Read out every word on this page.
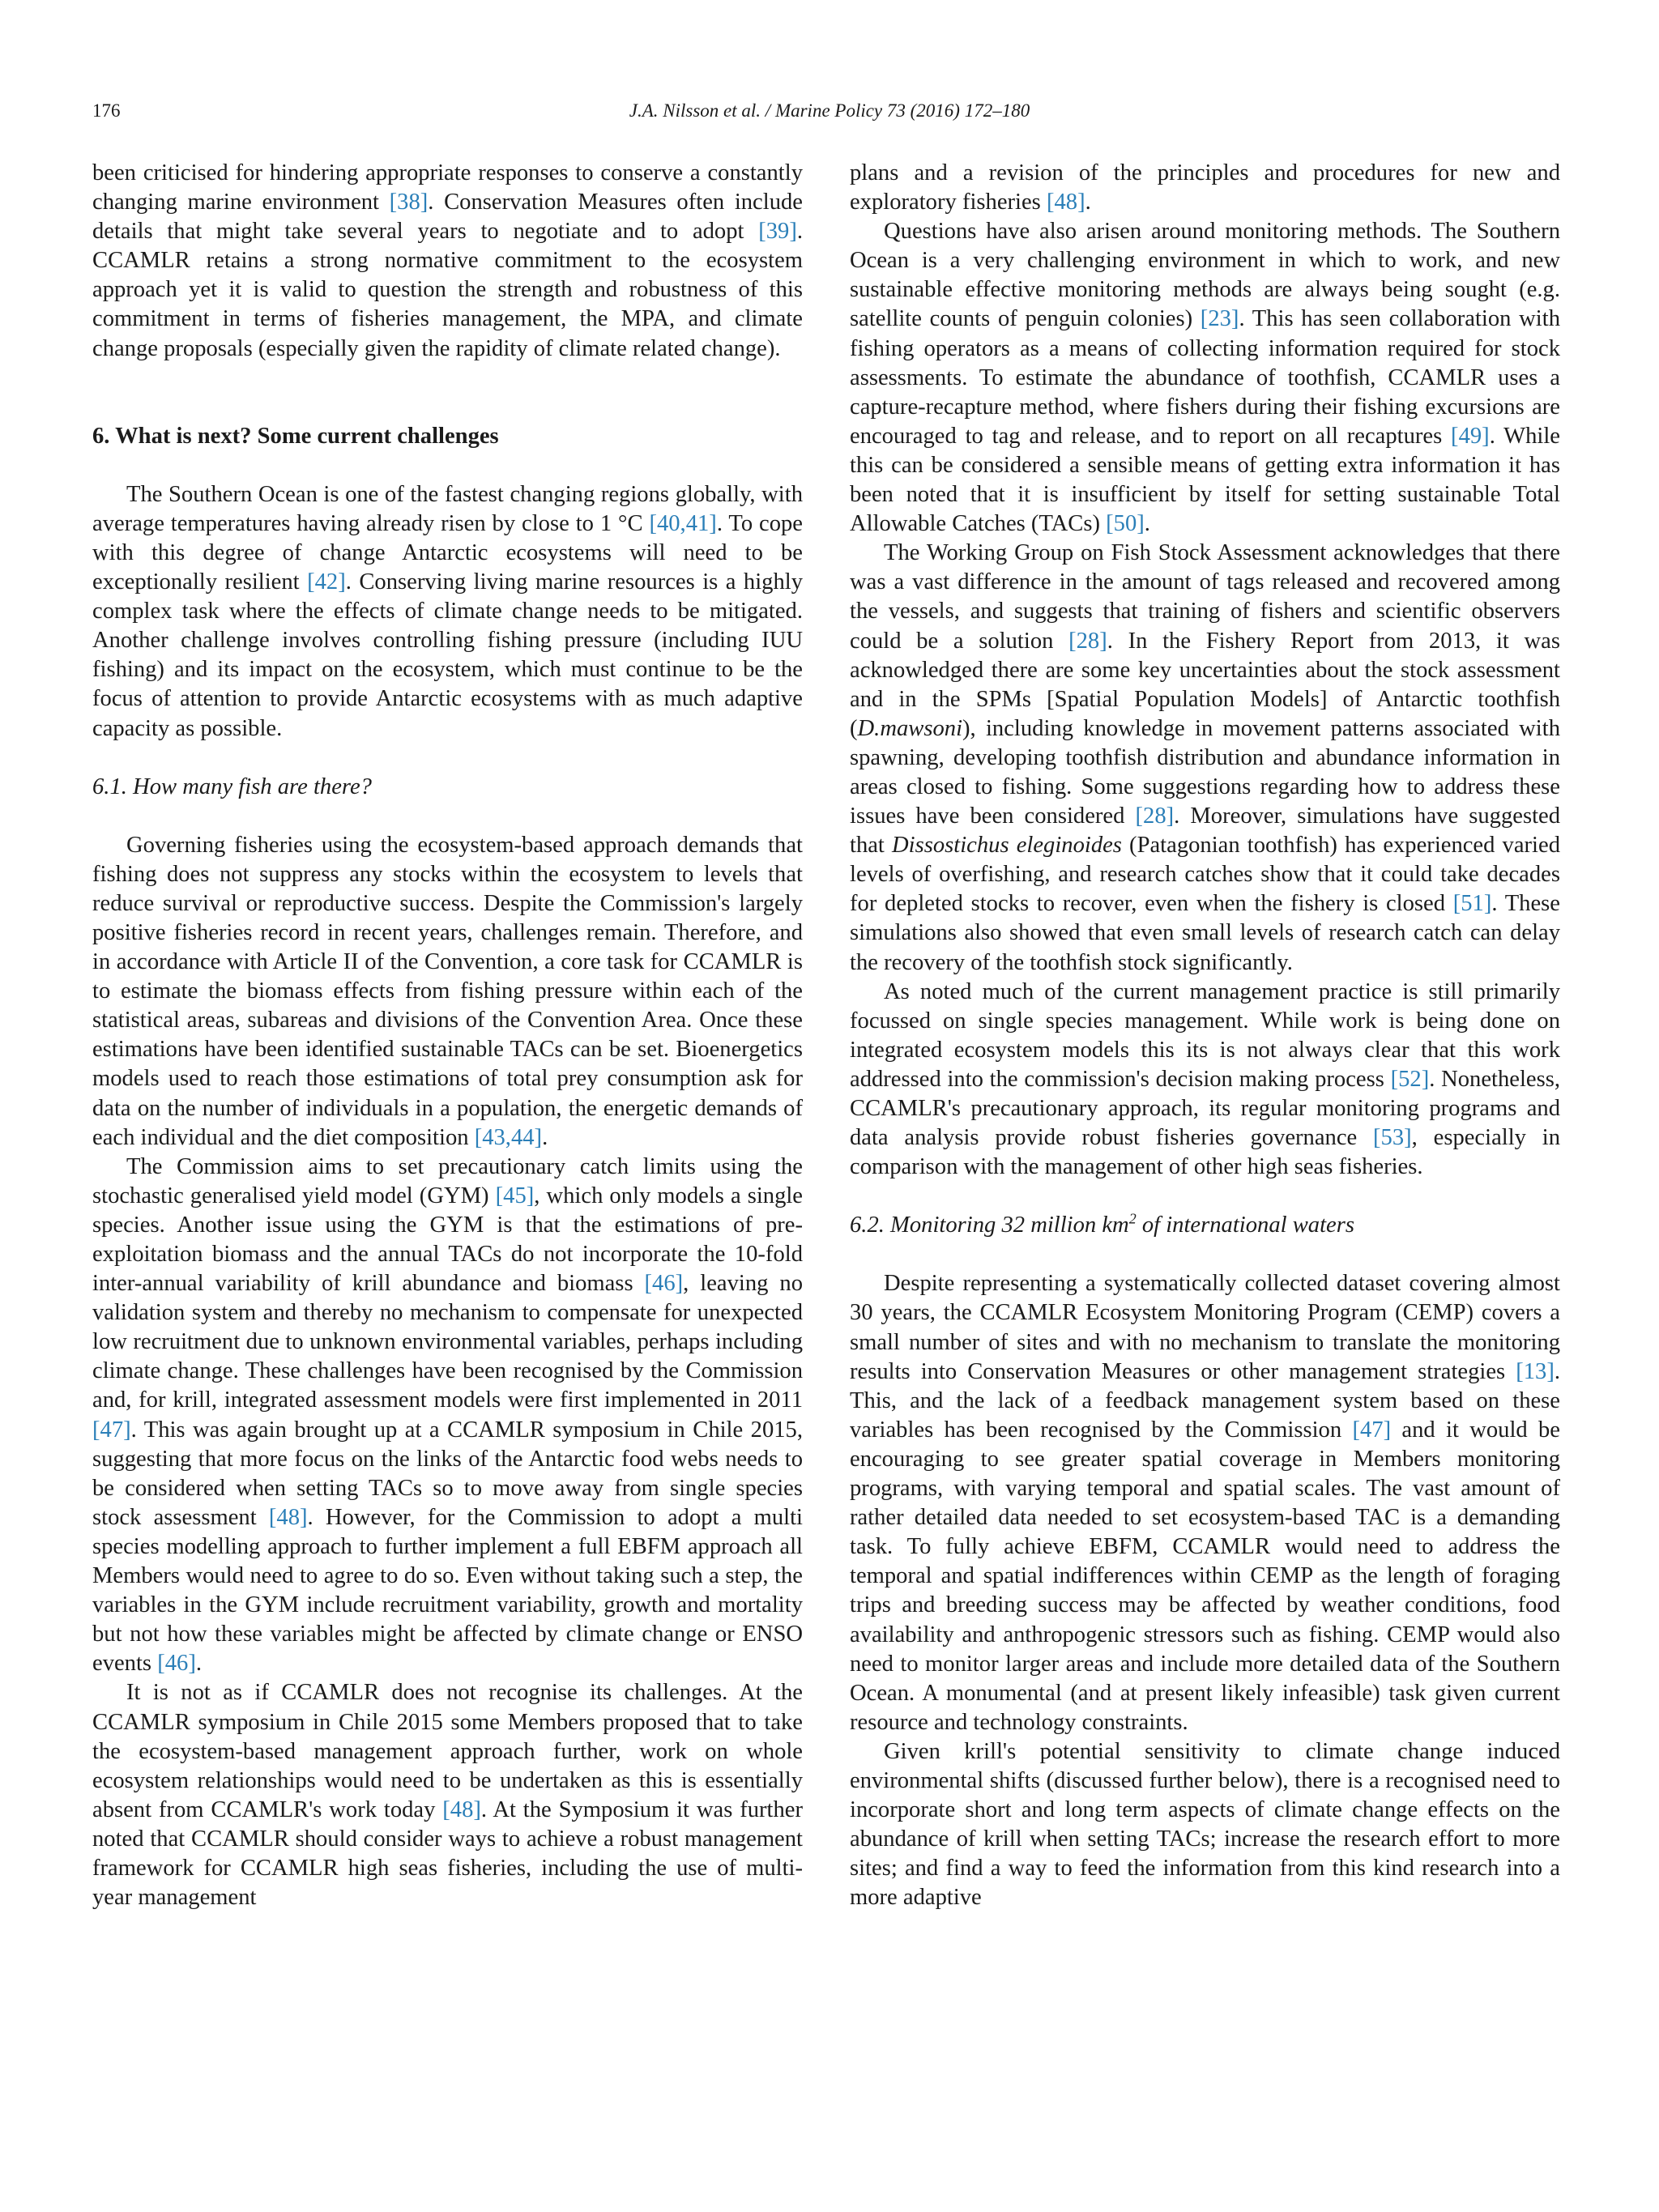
176	J.A. Nilsson et al. / Marine Policy 73 (2016) 172–180

been criticised for hindering appropriate responses to conserve a constantly changing marine environment [38]. Conservation Measures often include details that might take several years to negotiate and to adopt [39]. CCAMLR retains a strong normative commitment to the ecosystem approach yet it is valid to question the strength and robustness of this commitment in terms of fisheries management, the MPA, and climate change proposals (especially given the rapidity of climate related change).

6. What is next? Some current challenges

The Southern Ocean is one of the fastest changing regions globally, with average temperatures having already risen by close to 1 °C [40,41]. To cope with this degree of change Antarctic ecosystems will need to be exceptionally resilient [42]. Conserving living marine resources is a highly complex task where the effects of climate change needs to be mitigated. Another challenge involves controlling fishing pressure (including IUU fishing) and its impact on the ecosystem, which must continue to be the focus of attention to provide Antarctic ecosystems with as much adaptive capacity as possible.

6.1. How many fish are there?

Governing fisheries using the ecosystem-based approach demands that fishing does not suppress any stocks within the ecosystem to levels that reduce survival or reproductive success. Despite the Commission's largely positive fisheries record in recent years, challenges remain. Therefore, and in accordance with Article II of the Convention, a core task for CCAMLR is to estimate the biomass effects from fishing pressure within each of the statistical areas, subareas and divisions of the Convention Area. Once these estimations have been identified sustainable TACs can be set. Bioenergetics models used to reach those estimations of total prey consumption ask for data on the number of individuals in a population, the energetic demands of each individual and the diet composition [43,44].

The Commission aims to set precautionary catch limits using the stochastic generalised yield model (GYM) [45], which only models a single species. Another issue using the GYM is that the estimations of pre-exploitation biomass and the annual TACs do not incorporate the 10-fold inter-annual variability of krill abundance and biomass [46], leaving no validation system and thereby no mechanism to compensate for unexpected low recruitment due to unknown environmental variables, perhaps including climate change. These challenges have been recognised by the Commission and, for krill, integrated assessment models were first implemented in 2011 [47]. This was again brought up at a CCAMLR symposium in Chile 2015, suggesting that more focus on the links of the Antarctic food webs needs to be considered when setting TACs so to move away from single species stock assessment [48]. However, for the Commission to adopt a multi species modelling approach to further implement a full EBFM approach all Members would need to agree to do so. Even without taking such a step, the variables in the GYM include recruitment variability, growth and mortality but not how these variables might be affected by climate change or ENSO events [46].

It is not as if CCAMLR does not recognise its challenges. At the CCAMLR symposium in Chile 2015 some Members proposed that to take the ecosystem-based management approach further, work on whole ecosystem relationships would need to be undertaken as this is essentially absent from CCAMLR's work today [48]. At the Symposium it was further noted that CCAMLR should consider ways to achieve a robust management framework for CCAMLR high seas fisheries, including the use of multi-year management

plans and a revision of the principles and procedures for new and exploratory fisheries [48].

Questions have also arisen around monitoring methods. The Southern Ocean is a very challenging environment in which to work, and new sustainable effective monitoring methods are always being sought (e.g. satellite counts of penguin colonies) [23]. This has seen collaboration with fishing operators as a means of collecting information required for stock assessments. To estimate the abundance of toothfish, CCAMLR uses a capture-recapture method, where fishers during their fishing excursions are encouraged to tag and release, and to report on all recaptures [49]. While this can be considered a sensible means of getting extra information it has been noted that it is insufficient by itself for setting sustainable Total Allowable Catches (TACs) [50].

The Working Group on Fish Stock Assessment acknowledges that there was a vast difference in the amount of tags released and recovered among the vessels, and suggests that training of fishers and scientific observers could be a solution [28]. In the Fishery Report from 2013, it was acknowledged there are some key uncertainties about the stock assessment and in the SPMs [Spatial Population Models] of Antarctic toothfish (D.mawsoni), including knowledge in movement patterns associated with spawning, developing toothfish distribution and abundance information in areas closed to fishing. Some suggestions regarding how to address these issues have been considered [28]. Moreover, simulations have suggested that Dissostichus eleginoides (Patagonian toothfish) has experienced varied levels of overfishing, and research catches show that it could take decades for depleted stocks to recover, even when the fishery is closed [51]. These simulations also showed that even small levels of research catch can delay the recovery of the toothfish stock significantly.

As noted much of the current management practice is still primarily focussed on single species management. While work is being done on integrated ecosystem models this its is not always clear that this work addressed into the commission's decision making process [52]. Nonetheless, CCAMLR's precautionary approach, its regular monitoring programs and data analysis provide robust fisheries governance [53], especially in comparison with the management of other high seas fisheries.

6.2. Monitoring 32 million $km^2$ of international waters

Despite representing a systematically collected dataset covering almost 30 years, the CCAMLR Ecosystem Monitoring Program (CEMP) covers a small number of sites and with no mechanism to translate the monitoring results into Conservation Measures or other management strategies [13]. This, and the lack of a feedback management system based on these variables has been recognised by the Commission [47] and it would be encouraging to see greater spatial coverage in Members monitoring programs, with varying temporal and spatial scales. The vast amount of rather detailed data needed to set ecosystem-based TAC is a demanding task. To fully achieve EBFM, CCAMLR would need to address the temporal and spatial indifferences within CEMP as the length of foraging trips and breeding success may be affected by weather conditions, food availability and anthropogenic stressors such as fishing. CEMP would also need to monitor larger areas and include more detailed data of the Southern Ocean. A monumental (and at present likely infeasible) task given current resource and technology constraints.

Given krill's potential sensitivity to climate change induced environmental shifts (discussed further below), there is a recognised need to incorporate short and long term aspects of climate change effects on the abundance of krill when setting TACs; increase the research effort to more sites; and find a way to feed the information from this kind research into a more adaptive
